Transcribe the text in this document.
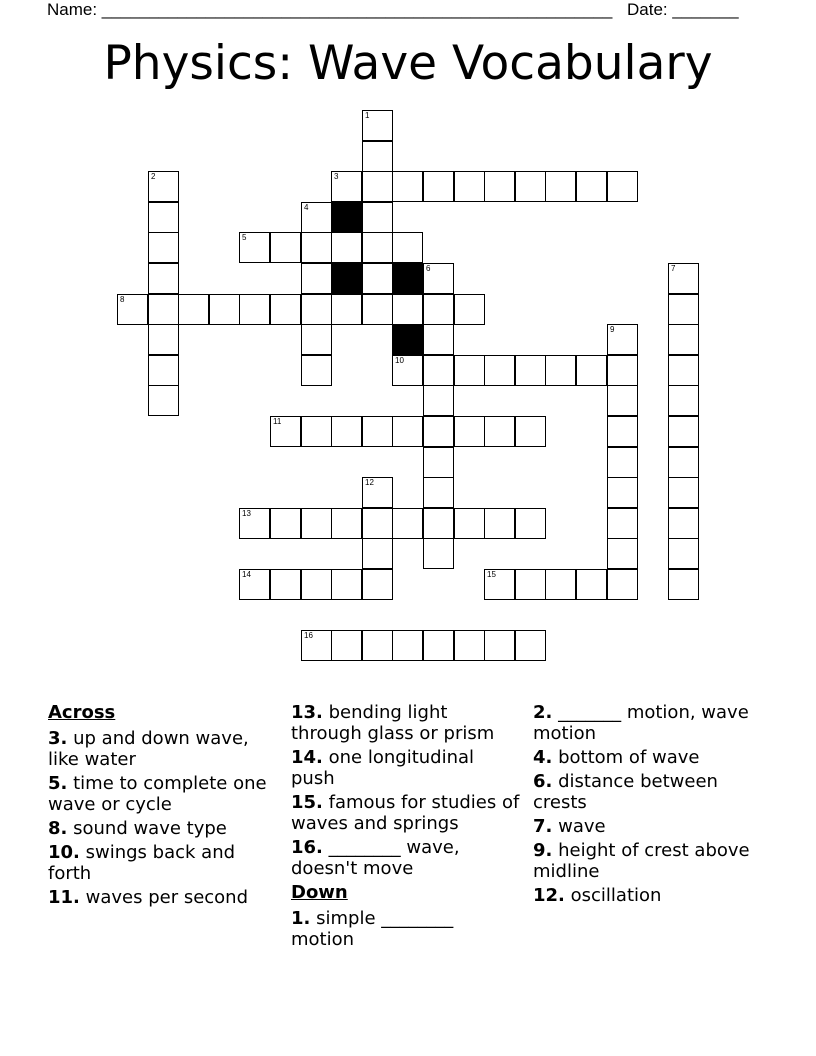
Name: ______________________________________________________ Date: _______
Physics: Wave Vocabulary
1
2	3
4
5
6	7
8
9
10
11
12
13
14	15
16
Across
3. up and down wave, like water
5. time to complete one wave or cycle
8. sound wave type
10. swings back and forth
11. waves per second
13. bending light through glass or prism
14. one longitudinal push
15. famous for studies of waves and springs
16. ________ wave, doesn't move
Down
1. simple ________ motion
2. _______ motion, wave motion
4. bottom of wave
6. distance between crests
7. wave
9. height of crest above midline
12. oscillation
